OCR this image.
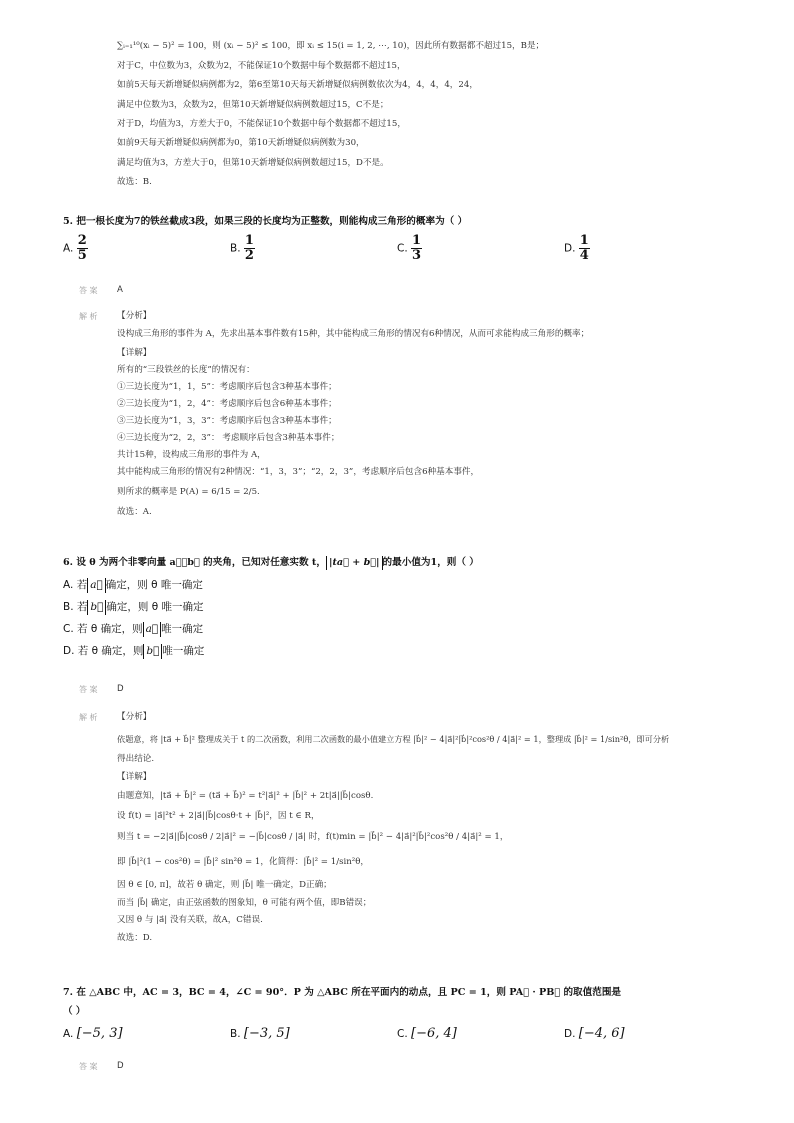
∑ᵢ₌₁¹⁰(xᵢ − 5)² = 100，则 (xᵢ − 5)² ≤ 100，即 xᵢ ≤ 15(i = 1, 2, ⋯, 10)，因此所有数据都不超过15，B是；
对于C，中位数为3，众数为2，不能保证10个数据中每个数据都不超过15，
如前5天每天新增疑似病例都为2，第6至第10天每天新增疑似病例数依次为4，4，4，4，24，
满足中位数为3，众数为2，但第10天新增疑似病例数超过15，C不是；
对于D，均值为3，方差大于0，不能保证10个数据中每个数据都不超过15，
如前9天每天新增疑似病例都为0，第10天新增疑似病例数为30，
满足均值为3，方差大于0，但第10天新增疑似病例数超过15，D不是。
故选：B.
5. 把一根长度为7的铁丝截成3段，如果三段的长度均为正整数，则能构成三角形的概率为（ ）
A. $\frac{2}{5}$	B. $\frac{1}{2}$	C. $\frac{1}{3}$	D. $\frac{1}{4}$
答 案 A
解 析 【分析】
设构成三角形的事件为 A，先求出基本事件数有15种，其中能构成三角形的情况有6种情况，从而可求能构成三角形的概率；
【详解】
所有的“三段铁丝的长度”的情况有：
①三边长度为“1，1，5”：考虑顺序后包含3种基本事件；
②三边长度为“1，2，4”：考虑顺序后包含6种基本事件；
③三边长度为“1，3，3”：考虑顺序后包含3种基本事件；
④三边长度为“2，2，3”： 考虑顺序后包含3种基本事件；
共计15种，设构成三角形的事件为 A，
其中能构成三角形的情况有2种情况：“1，3，3”；“2，2，3”，考虑顺序后包含6种基本事件，
则所求的概率是 P(A) = 6/15 = 2/5.
故选：A.
6. 设 θ 为两个非零向量 a⃗，b⃗ 的夹角，已知对任意实数 t， |ta⃗ + b⃗| 的最小值为1，则（ ）
A. 若 a⃗ 确定，则 θ 唯一确定
B. 若 b⃗ 确定，则 θ 唯一确定
C. 若 θ 确定，则 a⃗ 唯一确定
D. 若 θ 确定，则 b⃗ 唯一确定
答 案 D
解 析 【分析】
依题意，将 |ta⃗ + b⃗|² 整理成关于 t 的二次函数，利用二次函数的最小值建立方程 |b⃗|² − 4|a⃗|²|b⃗|²cos²θ / 4|a⃗|² = 1，整理成 |b⃗|² = 1/sin²θ，即可分析
得出结论.
【详解】
由题意知，|ta⃗ + b⃗|² = (ta⃗ + b⃗)² = t²|a⃗|² + |b⃗|² + 2t|a⃗||b⃗|cosθ.
设 f(t) = |a⃗|²t² + 2|a⃗||b⃗|cosθ·t + |b⃗|²，因 t ∈ R，
则当 t = −2|a⃗||b⃗|cosθ / 2|a⃗|² = −|b⃗|cosθ / |a⃗| 时，f(t)min = |b⃗|² − 4|a⃗|²|b⃗|²cos²θ / 4|a⃗|² = 1，
即 |b⃗|²(1 − cos²θ) = |b⃗|² sin²θ = 1，化简得：|b⃗|² = 1/sin²θ，
因 θ ∈ [0, π]，故若 θ 确定，则 |b⃗| 唯一确定，D正确；
而当 |b⃗| 确定，由正弦函数的图象知，θ 可能有两个值，即B错误；
又因 θ 与 |a⃗| 没有关联，故A，C错误.
故选：D.
7. 在 △ABC 中，AC = 3，BC = 4，∠C = 90°．P 为 △ABC 所在平面内的动点，且 PC = 1，则 PA⃗ · PB⃗ 的取值范围是
（ ）
A. [−5, 3]	B. [−3, 5]	C. [−6, 4]	D. [−4, 6]
答 案 D
